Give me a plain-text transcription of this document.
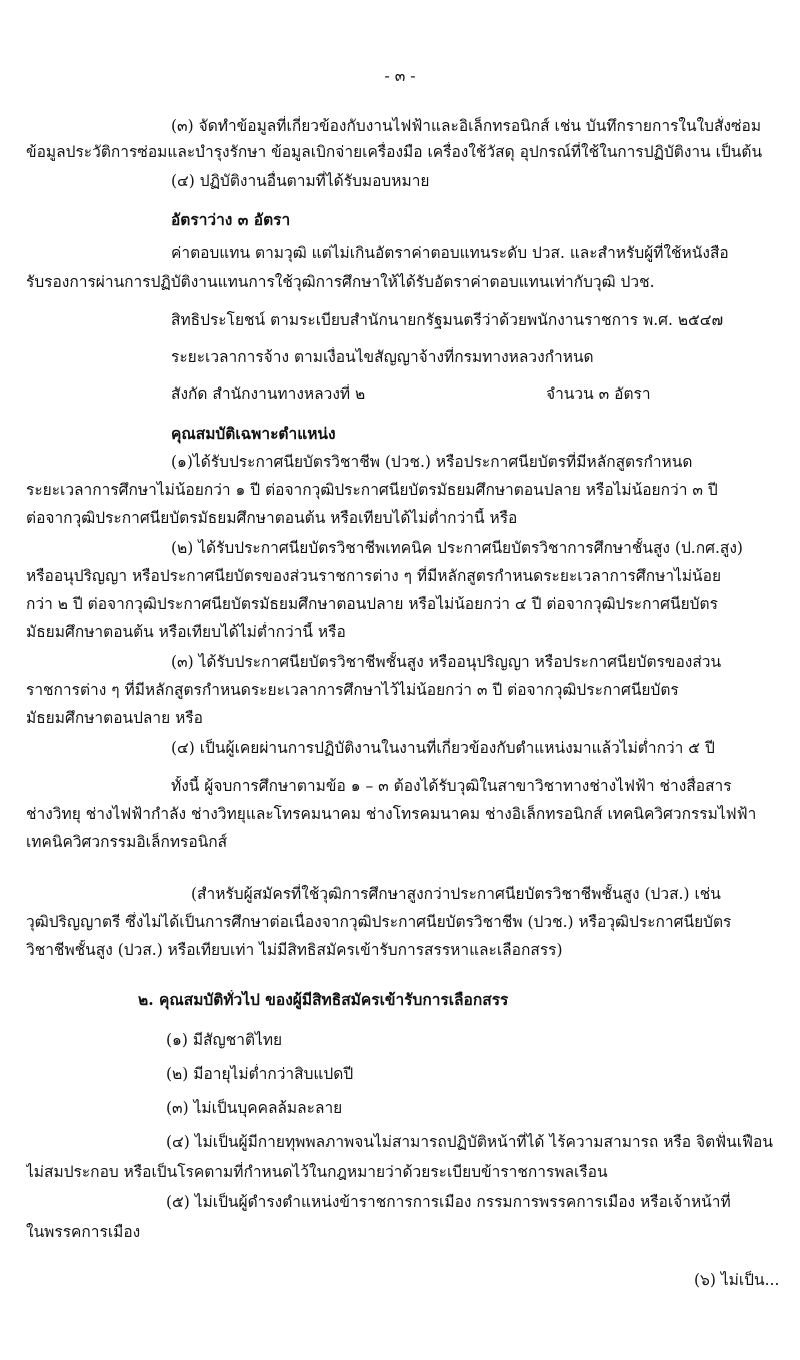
- ๓ -
(๓) จัดทำข้อมูลที่เกี่ยวข้องกับงานไฟฟ้าและอิเล็กทรอนิกส์ เช่น บันทึกรายการในใบสั่งซ่อม
ข้อมูลประวัติการซ่อมและบำรุงรักษา ข้อมูลเบิกจ่ายเครื่องมือ เครื่องใช้วัสดุ อุปกรณ์ที่ใช้ในการปฏิบัติงาน เป็นต้น
(๔) ปฏิบัติงานอื่นตามที่ได้รับมอบหมาย
อัตราว่าง ๓ อัตรา
ค่าตอบแทน ตามวุฒิ แต่ไม่เกินอัตราค่าตอบแทนระดับ ปวส. และสำหรับผู้ที่ใช้หนังสือ
รับรองการผ่านการปฏิบัติงานแทนการใช้วุฒิการศึกษาให้ได้รับอัตราค่าตอบแทนเท่ากับวุฒิ ปวช.
สิทธิประโยชน์ ตามระเบียบสำนักนายกรัฐมนตรีว่าด้วยพนักงานราชการ พ.ศ. ๒๕๔๗
ระยะเวลาการจ้าง ตามเงื่อนไขสัญญาจ้างที่กรมทางหลวงกำหนด
สังกัด สำนักงานทางหลวงที่ ๒	จำนวน ๓ อัตรา
คุณสมบัติเฉพาะตำแหน่ง
(๑)ได้รับประกาศนียบัตรวิชาชีพ (ปวช.) หรือประกาศนียบัตรที่มีหลักสูตรกำหนด
ระยะเวลาการศึกษาไม่น้อยกว่า ๑ ปี ต่อจากวุฒิประกาศนียบัตรมัธยมศึกษาตอนปลาย หรือไม่น้อยกว่า ๓ ปี
ต่อจากวุฒิประกาศนียบัตรมัธยมศึกษาตอนต้น หรือเทียบได้ไม่ต่ำกว่านี้ หรือ
(๒) ได้รับประกาศนียบัตรวิชาชีพเทคนิค ประกาศนียบัตรวิชาการศึกษาชั้นสูง (ป.กศ.สูง)
หรืออนุปริญญา หรือประกาศนียบัตรของส่วนราชการต่าง ๆ ที่มีหลักสูตรกำหนดระยะเวลาการศึกษาไม่น้อย
กว่า ๒ ปี ต่อจากวุฒิประกาศนียบัตรมัธยมศึกษาตอนปลาย หรือไม่น้อยกว่า ๔ ปี ต่อจากวุฒิประกาศนียบัตร
มัธยมศึกษาตอนต้น หรือเทียบได้ไม่ต่ำกว่านี้ หรือ
(๓) ได้รับประกาศนียบัตรวิชาชีพชั้นสูง หรืออนุปริญญา หรือประกาศนียบัตรของส่วน
ราชการต่าง ๆ ที่มีหลักสูตรกำหนดระยะเวลาการศึกษาไว้ไม่น้อยกว่า ๓ ปี ต่อจากวุฒิประกาศนียบัตร
มัธยมศึกษาตอนปลาย หรือ
(๔) เป็นผู้เคยผ่านการปฏิบัติงานในงานที่เกี่ยวข้องกับตำแหน่งมาแล้วไม่ต่ำกว่า ๕ ปี
ทั้งนี้ ผู้จบการศึกษาตามข้อ ๑ – ๓ ต้องได้รับวุฒิในสาขาวิชาทางช่างไฟฟ้า ช่างสื่อสาร
ช่างวิทยุ ช่างไฟฟ้ากำลัง ช่างวิทยุและโทรคมนาคม ช่างโทรคมนาคม ช่างอิเล็กทรอนิกส์ เทคนิควิศวกรรมไฟฟ้า
เทคนิควิศวกรรมอิเล็กทรอนิกส์
(สำหรับผู้สมัครที่ใช้วุฒิการศึกษาสูงกว่าประกาศนียบัตรวิชาชีพชั้นสูง (ปวส.) เช่น
วุฒิปริญญาตรี ซึ่งไม่ได้เป็นการศึกษาต่อเนื่องจากวุฒิประกาศนียบัตรวิชาชีพ (ปวช.) หรือวุฒิประกาศนียบัตร
วิชาชีพชั้นสูง (ปวส.) หรือเทียบเท่า ไม่มีสิทธิสมัครเข้ารับการสรรหาและเลือกสรร)
๒. คุณสมบัติทั่วไป ของผู้มีสิทธิสมัครเข้ารับการเลือกสรร
(๑) มีสัญชาติไทย
(๒) มีอายุไม่ต่ำกว่าสิบแปดปี
(๓) ไม่เป็นบุคคลล้มละลาย
(๔) ไม่เป็นผู้มีกายทุพพลภาพจนไม่สามารถปฏิบัติหน้าที่ได้ ไร้ความสามารถ หรือ จิตฟั่นเฟือน
ไม่สมประกอบ หรือเป็นโรคตามที่กำหนดไว้ในกฎหมายว่าด้วยระเบียบข้าราชการพลเรือน
(๕) ไม่เป็นผู้ดำรงตำแหน่งข้าราชการการเมือง กรรมการพรรคการเมือง หรือเจ้าหน้าที่
ในพรรคการเมือง
(๖) ไม่เป็น...
